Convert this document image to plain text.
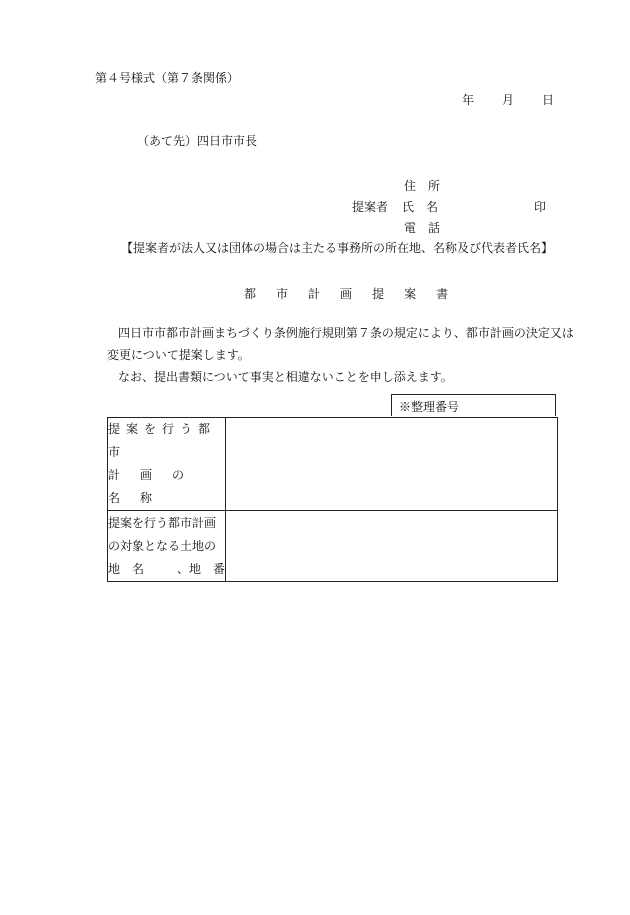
第４号様式（第７条関係）
年 月 日
（あて先）四日市市長
住　所
提案者 氏　名	印
電　話
【提案者が法人又は団体の場合は主たる事務所の所在地、名称及び代表者氏名】
都 市 計 画 提 案 書
四日市市都市計画まちづくり条例施行規則第７条の規定により、都市計画の決定又は
変更について提案します。
なお、提出書類について事実と相違ないことを申し添えます。
※整理番号
提案を行う都市
計画の名称	

提案を行う都市計画
の対象となる土地の
地　名 、地　番	
